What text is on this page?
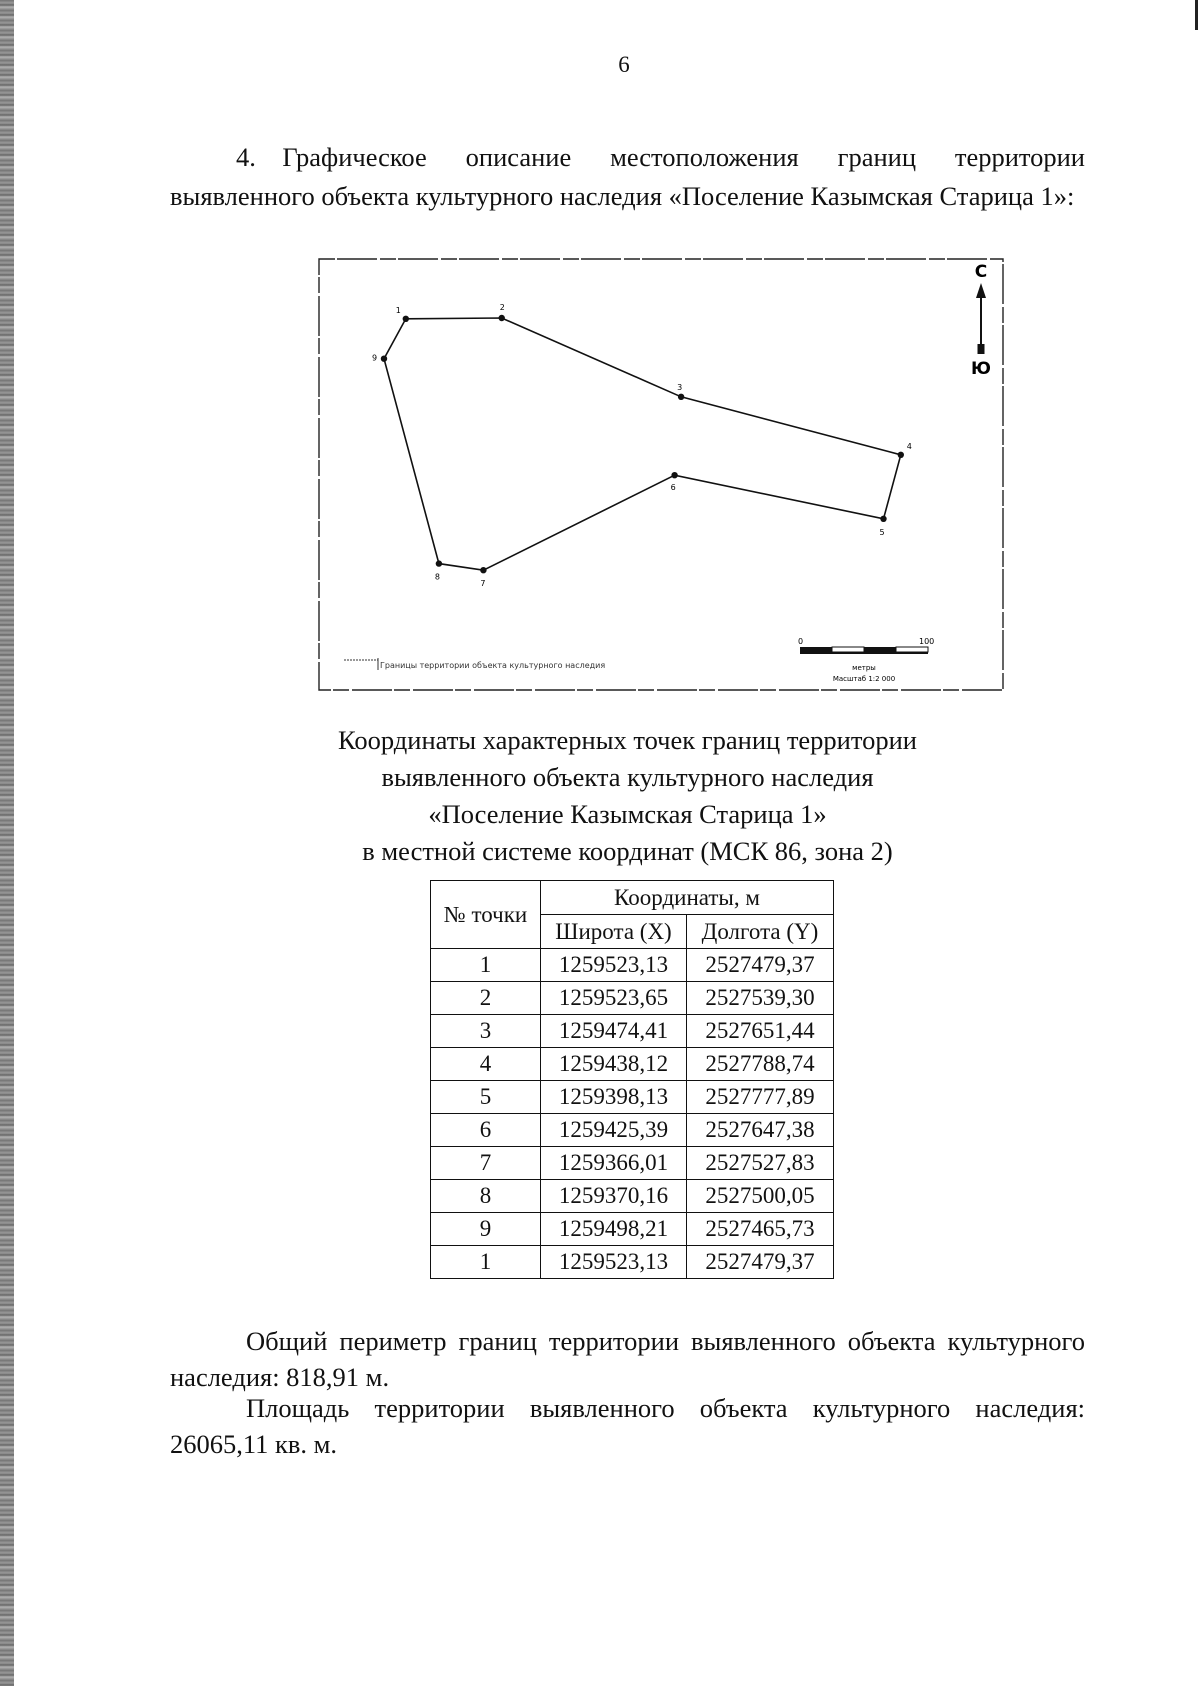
6
4. Графическое описание местоположения границ территории выявленного объекта культурного наследия «Поселение Казымская Старица 1»:
1	2
3
4
5
6
7
8
9
С
Ю
Границы территории объекта культурного наследия
0	100
метры
Масштаб 1:2 000
Координаты характерных точек границ территории
выявленного объекта культурного наследия
«Поселение Казымская Старица 1»
в местной системе координат (МСК 86, зона 2)
№ точки	Координаты, м	
	Широта (X)	Долгота (Y)
1	1259523,13	2527479,37
2	1259523,65	2527539,30
3	1259474,41	2527651,44
4	1259438,12	2527788,74
5	1259398,13	2527777,89
6	1259425,39	2527647,38
7	1259366,01	2527527,83
8	1259370,16	2527500,05
9	1259498,21	2527465,73
1	1259523,13	2527479,37
Общий периметр границ территории выявленного объекта культурного наследия: 818,91 м.
Площадь территории выявленного объекта культурного наследия: 26065,11 кв. м.
